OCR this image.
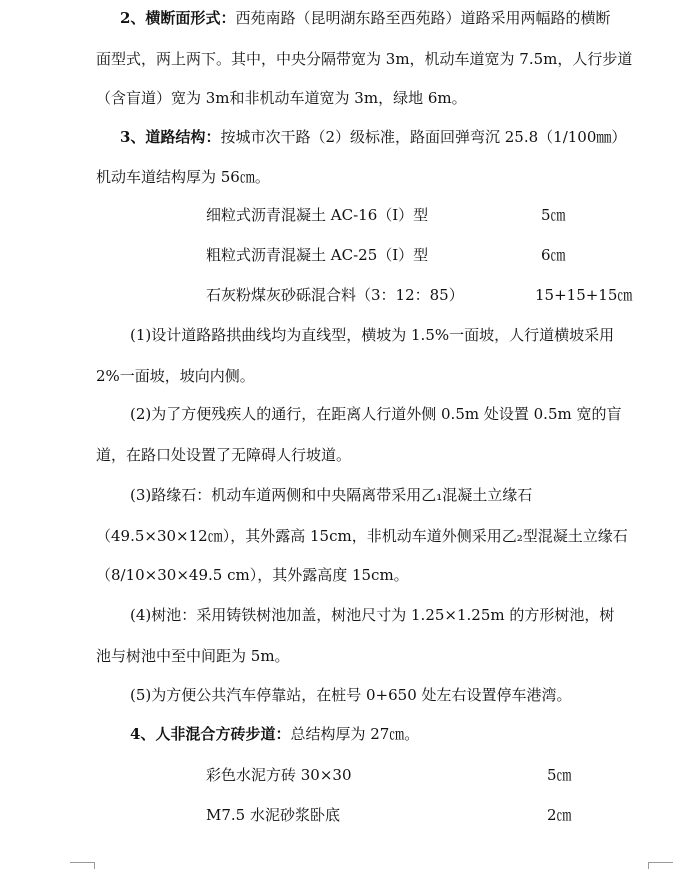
2、横断面形式：西苑南路（昆明湖东路至西苑路）道路采用两幅路的横断
面型式，两上两下。其中，中央分隔带宽为 3m，机动车道宽为 7.5m，人行步道
（含盲道）宽为 3m和非机动车道宽为 3m，绿地 6m。
3、道路结构：按城市次干路（2）级标准，路面回弹弯沉 25.8（1/100㎜）
机动车道结构厚为 56㎝。
细粒式沥青混凝土 AC-16（Ⅰ）型	5㎝
粗粒式沥青混凝土 AC-25（Ⅰ）型	6㎝
石灰粉煤灰砂砾混合料（3：12：85）	15+15+15㎝
(1)设计道路路拱曲线均为直线型，横坡为 1.5%一面坡，人行道横坡采用
2%一面坡，坡向内侧。
(2)为了方便残疾人的通行，在距离人行道外侧 0.5m 处设置 0.5m 宽的盲
道，在路口处设置了无障碍人行坡道。
(3)路缘石：机动车道两侧和中央隔离带采用乙₁混凝土立缘石
（49.5×30×12㎝），其外露高 15cm，非机动车道外侧采用乙₂型混凝土立缘石
（8/10×30×49.5 cm），其外露高度 15cm。
(4)树池：采用铸铁树池加盖，树池尺寸为 1.25×1.25m 的方形树池，树
池与树池中至中间距为 5m。
(5)为方便公共汽车停靠站，在桩号 0+650 处左右设置停车港湾。
4、人非混合方砖步道：总结构厚为 27㎝。
彩色水泥方砖 30×30	5㎝
M7.5 水泥砂浆卧底	2㎝
